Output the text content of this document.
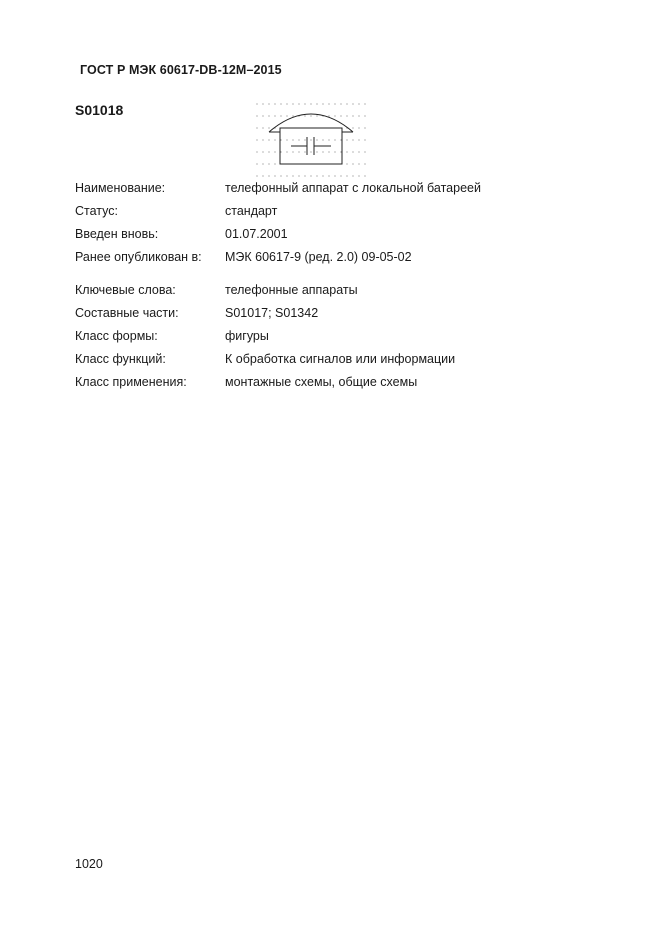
ГОСТ Р МЭК 60617-DB-12M–2015
S01018
Наименование:	телефонный аппарат с локальной батареей
Статус:	стандарт
Введен вновь:	01.07.2001
Ранее опубликован в: МЭК 60617-9 (ред. 2.0) 09-05-02
Ключевые слова:	телефонные аппараты
Составные части:	S01017; S01342
Класс формы:	фигуры
Класс функций:	К обработка сигналов или информации
Класс применения:	монтажные схемы, общие схемы
1020
